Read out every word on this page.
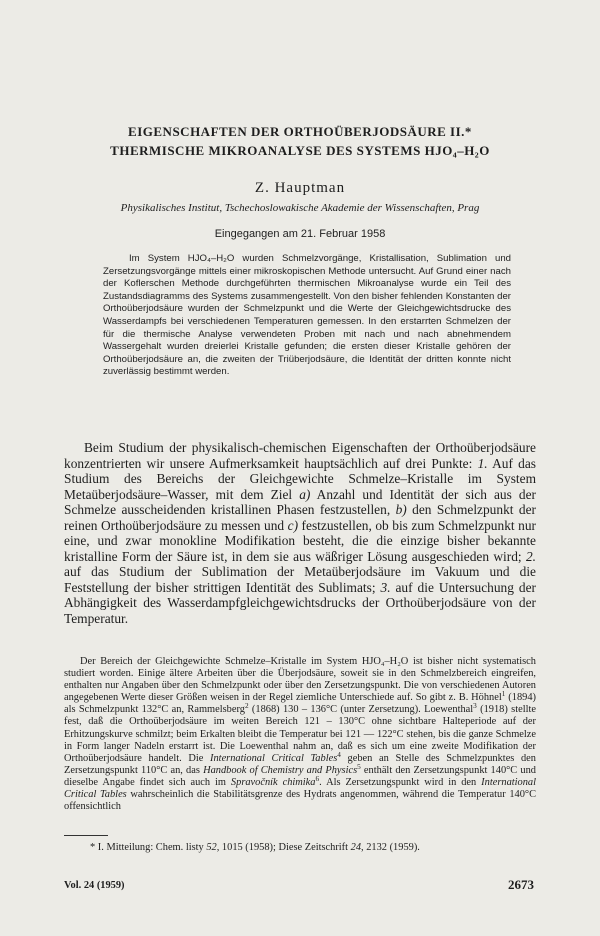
EIGENSCHAFTEN DER ORTHOÜBERJODSÄURE II.*
THERMISCHE MIKROANALYSE DES SYSTEMS HJO₄–H₂O
Z. Hauptman
Physikalisches Institut, Tschechoslowakische Akademie der Wissenschaften, Prag
Eingegangen am 21. Februar 1958

Im System HJO₄–H₂O wurden Schmelzvorgänge, Kristallisation, Sublimation und Zersetzungsvorgänge mittels einer mikroskopischen Methode untersucht. Auf Grund einer nach der Koflerschen Methode durchgeführten thermischen Mikroanalyse wurde ein Teil des Zustandsdiagramms des Systems zusammengestellt. Von den bisher fehlenden Konstanten der Orthoüberjodsäure wurden der Schmelzpunkt und die Werte der Gleichgewichtsdrucke des Wasserdampfs bei verschiedenen Temperaturen gemessen. In den erstarrten Schmelzen der für die thermische Analyse verwendeten Proben mit nach und nach abnehmendem Wassergehalt wurden dreierlei Kristalle gefunden; die ersten dieser Kristalle gehören der Orthoüberjodsäure an, die zweiten der Triüberjodsäure, die Identität der dritten konnte nicht zuverlässig bestimmt werden.

Beim Studium der physikalisch-chemischen Eigenschaften der Orthoüberjodsäure konzentrierten wir unsere Aufmerksamkeit hauptsächlich auf drei Punkte: 1. Auf das Studium des Bereichs der Gleichgewichte Schmelze–Kristalle im System Metaüberjodsäure–Wasser, mit dem Ziel a) Anzahl und Identität der sich aus der Schmelze ausscheidenden kristallinen Phasen festzustellen, b) den Schmelzpunkt der reinen Orthoüberjodsäure zu messen und c) festzustellen, ob bis zum Schmelzpunkt nur eine, und zwar monokline Modifikation besteht, die die einzige bisher bekannte kristalline Form der Säure ist, in dem sie aus wäßriger Lösung ausgeschieden wird; 2. auf das Studium der Sublimation der Metaüberjodsäure im Vakuum und die Feststellung der bisher strittigen Identität des Sublimats; 3. auf die Untersuchung der Abhängigkeit des Wasserdampfgleichgewichtsdrucks der Orthoüberjodsäure von der Temperatur.

Der Bereich der Gleichgewichte Schmelze–Kristalle im System HJO₄–H₂O ist bisher nicht systematisch studiert worden. Einige ältere Arbeiten über die Überjodsäure, soweit sie in den Schmelzbereich eingreifen, enthalten nur Angaben über den Schmelzpunkt oder über den Zersetzungspunkt. Die von verschiedenen Autoren angegebenen Werte dieser Größen weisen in der Regel ziemliche Unterschiede auf. So gibt z. B. Höhnel$^1$ (1894) als Schmelzpunkt 132°C an, Rammelsberg$^2$ (1868) 130 – 136°C (unter Zersetzung). Loewenthal$^3$ (1918) stellte fest, daß die Orthoüberjodsäure im weiten Bereich 121 – 130°C ohne sichtbare Halteperiode auf der Erhitzungskurve schmilzt; beim Erkalten bleibt die Temperatur bei 121 — 122°C stehen, bis die ganze Schmelze in Form langer Nadeln erstarrt ist. Die Loewenthal nahm an, daß es sich um eine zweite Modifikation der Orthoüberjodsäure handelt. Die International Critical Tables$^4$ geben an Stelle des Schmelzpunktes den Zersetzungspunkt 110°C an, das Handbook of Chemistry and Physics$^5$ enthält den Zersetzungspunkt 140°C und dieselbe Angabe findet sich auch im Spravočník chimika$^6$. Als Zersetzungspunkt wird in den International Critical Tables wahrscheinlich die Stabilitätsgrenze des Hydrats angenommen, während die Temperatur 140°C offensichtlich

* I. Mitteilung: Chem. listy 52, 1015 (1958); Diese Zeitschrift 24, 2132 (1959).

Vol. 24 (1959)	2673
